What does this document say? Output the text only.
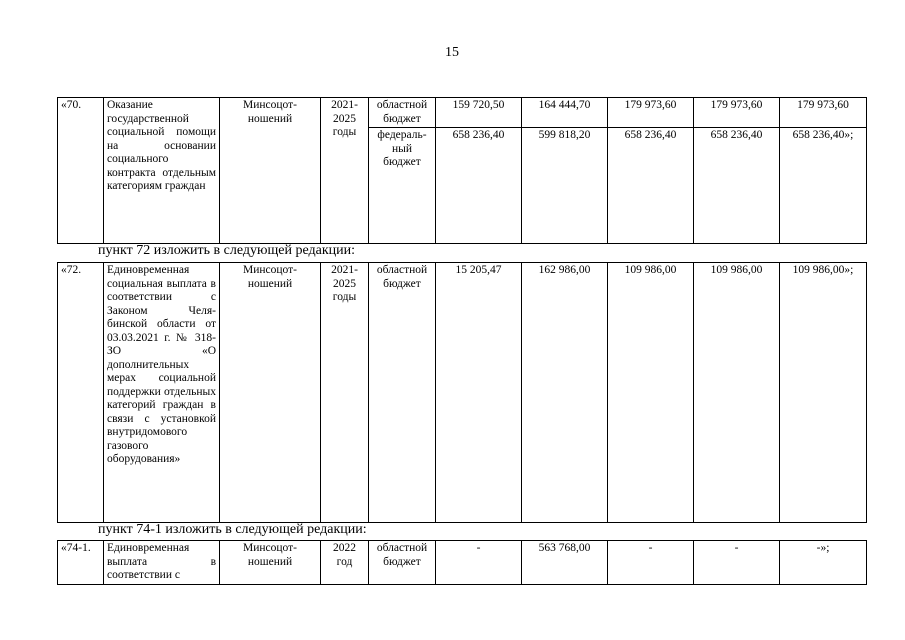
15
«70.	Оказание государственной социальной помощи на основании социального контракта отдельным категориям граждан	Минсоцот-ношений	2021-2025 годы	областной бюджет	159 720,50	164 444,70	179 973,60	179 973,60	179 973,60
				федераль-ный бюджет	658 236,40	599 818,20	658 236,40	658 236,40	658 236,40»;
пункт 72 изложить в следующей редакции:
«72.	Единовременная социальная выплата в соответствии с Законом Челя-бинской области от 03.03.2021 г. № 318-ЗО «О дополнительных мерах социальной поддержки отдельных категорий граждан в связи с установкой внутридомового газового оборудования»	Минсоцот-ношений	2021-2025 годы	областной бюджет	15 205,47	162 986,00	109 986,00	109 986,00	109 986,00»;
пункт 74-1 изложить в следующей редакции:
«74-1.	Единовременная выплата в соответствии с	Минсоцот-ношений	2022 год	областной бюджет	-	563 768,00	-	-	-»;
